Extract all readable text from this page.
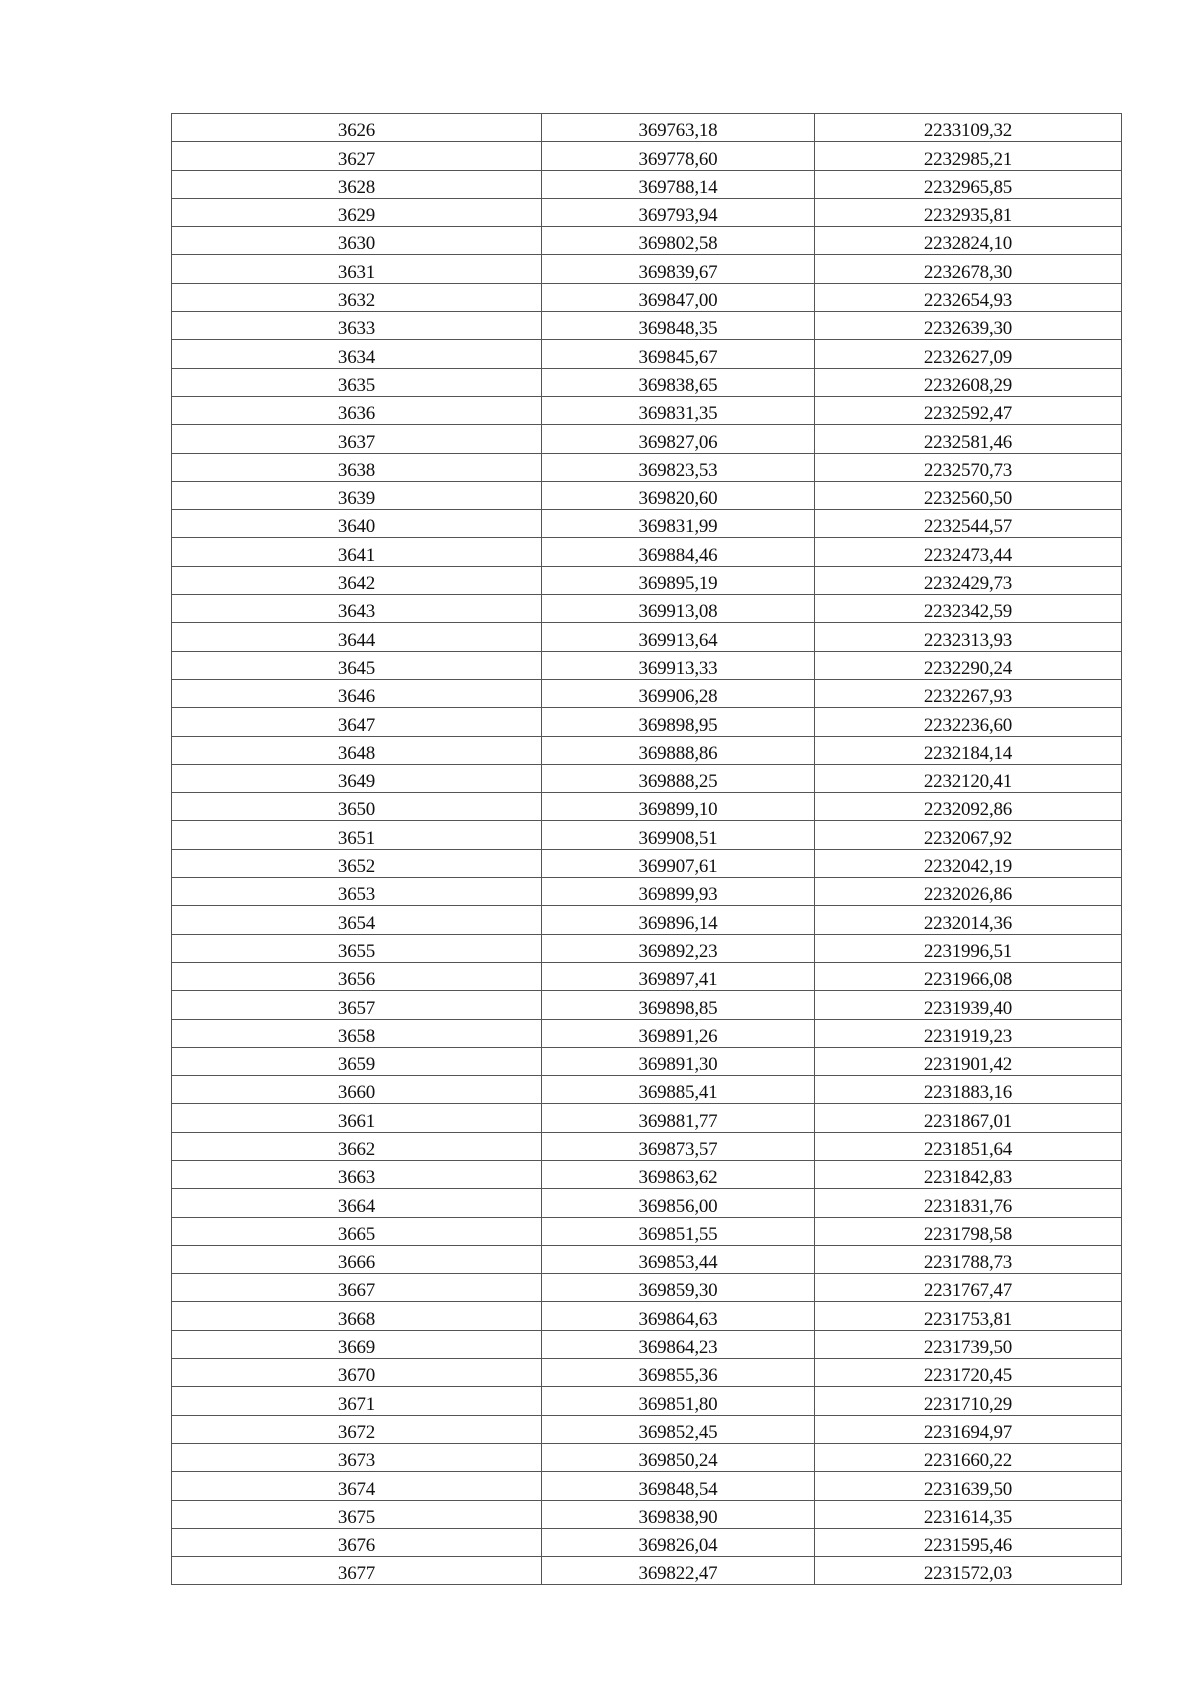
3626	369763,18	2233109,32
3627	369778,60	2232985,21
3628	369788,14	2232965,85
3629	369793,94	2232935,81
3630	369802,58	2232824,10
3631	369839,67	2232678,30
3632	369847,00	2232654,93
3633	369848,35	2232639,30
3634	369845,67	2232627,09
3635	369838,65	2232608,29
3636	369831,35	2232592,47
3637	369827,06	2232581,46
3638	369823,53	2232570,73
3639	369820,60	2232560,50
3640	369831,99	2232544,57
3641	369884,46	2232473,44
3642	369895,19	2232429,73
3643	369913,08	2232342,59
3644	369913,64	2232313,93
3645	369913,33	2232290,24
3646	369906,28	2232267,93
3647	369898,95	2232236,60
3648	369888,86	2232184,14
3649	369888,25	2232120,41
3650	369899,10	2232092,86
3651	369908,51	2232067,92
3652	369907,61	2232042,19
3653	369899,93	2232026,86
3654	369896,14	2232014,36
3655	369892,23	2231996,51
3656	369897,41	2231966,08
3657	369898,85	2231939,40
3658	369891,26	2231919,23
3659	369891,30	2231901,42
3660	369885,41	2231883,16
3661	369881,77	2231867,01
3662	369873,57	2231851,64
3663	369863,62	2231842,83
3664	369856,00	2231831,76
3665	369851,55	2231798,58
3666	369853,44	2231788,73
3667	369859,30	2231767,47
3668	369864,63	2231753,81
3669	369864,23	2231739,50
3670	369855,36	2231720,45
3671	369851,80	2231710,29
3672	369852,45	2231694,97
3673	369850,24	2231660,22
3674	369848,54	2231639,50
3675	369838,90	2231614,35
3676	369826,04	2231595,46
3677	369822,47	2231572,03
